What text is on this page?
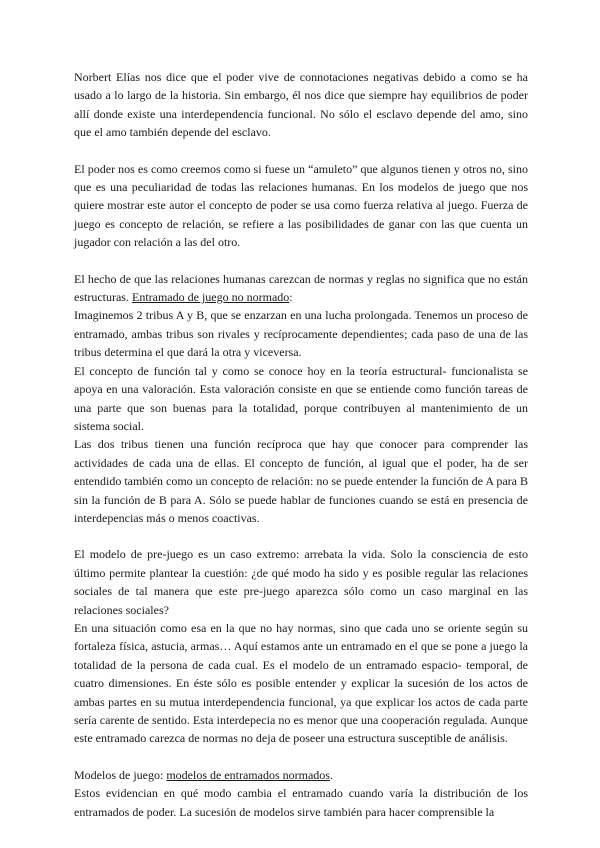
Norbert Elías nos dice que el poder vive de connotaciones negativas debido a como se ha usado a lo largo de la historia. Sin embargo, él nos dice que siempre hay equilibrios de poder allí donde existe una interdependencia funcional. No sólo el esclavo depende del amo, sino que el amo también depende del esclavo.

El poder nos es como creemos como si fuese un “amuleto” que algunos tienen y otros no, sino que es una peculiaridad de todas las relaciones humanas. En los modelos de juego que nos quiere mostrar este autor el concepto de poder se usa como fuerza relativa al juego. Fuerza de juego es concepto de relación, se refiere a las posibilidades de ganar con las que cuenta un jugador con relación a las del otro.

El hecho de que las relaciones humanas carezcan de normas y reglas no significa que no están estructuras. Entramado de juego no normado:

Imaginemos 2 tribus A y B, que se enzarzan en una lucha prolongada. Tenemos un proceso de entramado, ambas tribus son rivales y recíprocamente dependientes; cada paso de una de las tribus determina el que dará la otra y viceversa.

El concepto de función tal y como se conoce hoy en la teoría estructural- funcionalista se apoya en una valoración. Esta valoración consiste en que se entiende como función tareas de una parte que son buenas para la totalidad, porque contribuyen al mantenimiento de un sistema social.

Las dos tribus tienen una función recíproca que hay que conocer para comprender las actividades de cada una de ellas. El concepto de función, al igual que el poder, ha de ser entendido también como un concepto de relación: no se puede entender la función de A para B sin la función de B para A. Sólo se puede hablar de funciones cuando se está en presencia de interdepencias más o menos coactivas.

El modelo de pre-juego es un caso extremo: arrebata la vida. Solo la consciencia de esto último permite plantear la cuestión: ¿de qué modo ha sido y es posible regular las relaciones sociales de tal manera que este pre-juego aparezca sólo como un caso marginal en las relaciones sociales?

En una situación como esa en la que no hay normas, sino que cada uno se oriente según su fortaleza física, astucia, armas… Aquí estamos ante un entramado en el que se pone a juego la totalidad de la persona de cada cual. Es el modelo de un entramado espacio- temporal, de cuatro dimensiones. En éste sólo es posible entender y explicar la sucesión de los actos de ambas partes en su mutua interdependencia funcional, ya que explicar los actos de cada parte sería carente de sentido. Esta interdepecia no es menor que una cooperación regulada. Aunque este entramado carezca de normas no deja de poseer una estructura susceptible de análisis.

Modelos de juego: modelos de entramados normados.

Estos evidencian en qué modo cambia el entramado cuando varía la distribución de los entramados de poder. La sucesión de modelos sirve también para hacer comprensible la
